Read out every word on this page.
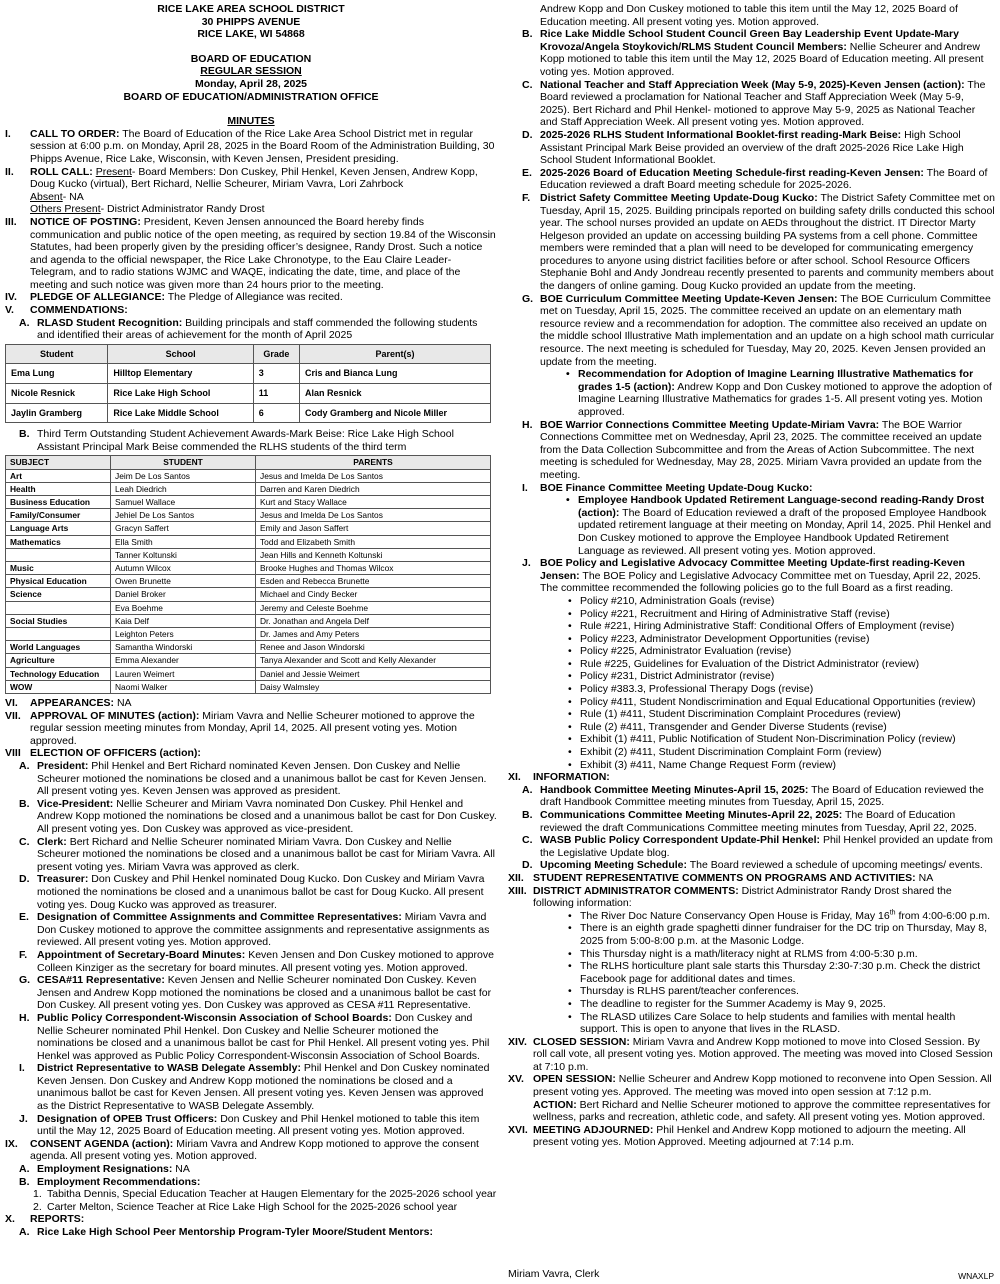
RICE LAKE AREA SCHOOL DISTRICT
30 PHIPPS AVENUE
RICE LAKE, WI 54868
BOARD OF EDUCATION
REGULAR SESSION
Monday, April 28, 2025
BOARD OF EDUCATION/ADMINISTRATION OFFICE
MINUTES
I. CALL TO ORDER: The Board of Education of the Rice Lake Area School District met in regular session at 6:00 p.m. on Monday, April 28, 2025 in the Board Room of the Administration Building, 30 Phipps Avenue, Rice Lake, Wisconsin, with Keven Jensen, President presiding.
II. ROLL CALL: Present- Board Members: Don Cuskey, Phil Henkel, Keven Jensen, Andrew Kopp, Doug Kucko (virtual), Bert Richard, Nellie Scheurer, Miriam Vavra, Lori Zahrbock
Absent- NA
Others Present- District Administrator Randy Drost
III. NOTICE OF POSTING: President, Keven Jensen announced the Board hereby finds communication and public notice of the open meeting, as required by section 19.84 of the Wisconsin Statutes, had been properly given by the presiding officer’s designee, Randy Drost. Such a notice and agenda to the official newspaper, the Rice Lake Chronotype, to the Eau Claire Leader-Telegram, and to radio stations WJMC and WAQE, indicating the date, time, and place of the meeting and such notice was given more than 24 hours prior to the meeting.
IV. PLEDGE OF ALLEGIANCE: The Pledge of Allegiance was recited.
V. COMMENDATIONS:
A. RLASD Student Recognition: Building principals and staff commended the following students and identified their areas of achievement for the month of April 2025
Student	School	Grade	Parent(s)
Ema Lung	Hilltop Elementary	3	Cris and Bianca Lung
Nicole Resnick	Rice Lake High School	11	Alan Resnick
Jaylin Gramberg	Rice Lake Middle School	6	Cody Gramberg and Nicole Miller
B. Third Term Outstanding Student Achievement Awards-Mark Beise: Rice Lake High School Assistant Principal Mark Beise commended the RLHS students of the third term
SUBJECT	STUDENT	PARENTS
Art	Jeim De Los Santos	Jesus and Imelda De Los Santos
Health	Leah Diedrich	Darren and Karen Diedrich
Business Education	Samuel Wallace	Kurt and Stacy Wallace
Family/Consumer	Jehiel De Los Santos	Jesus and Imelda De Los Santos
Language Arts	Gracyn Saffert	Emily and Jason Saffert
Mathematics	Ella Smith	Todd and Elizabeth Smith
	Tanner Koltunski	Jean Hills and Kenneth Koltunski
Music	Autumn Wilcox	Brooke Hughes and Thomas Wilcox
Physical Education	Owen Brunette	Esden and Rebecca Brunette
Science	Daniel Broker	Michael and Cindy Becker
	Eva Boehme	Jeremy and Celeste Boehme
Social Studies	Kaia Delf	Dr. Jonathan and Angela Delf
	Leighton Peters	Dr. James and Amy Peters
World Languages	Samantha Windorski	Renee and Jason Windorski
Agriculture	Emma Alexander	Tanya Alexander and Scott and Kelly Alexander
Technology Education	Lauren Weimert	Daniel and Jessie Weimert
WOW	Naomi Walker	Daisy Walmsley
VI. APPEARANCES: NA
VII. APPROVAL OF MINUTES (action): Miriam Vavra and Nellie Scheurer motioned to approve the regular session meeting minutes from Monday, April 14, 2025. All present voting yes. Motion approved.
VIII ELECTION OF OFFICERS (action):
A. President: Phil Henkel and Bert Richard nominated Keven Jensen. Don Cuskey and Nellie Scheurer motioned the nominations be closed and a unanimous ballot be cast for Keven Jensen. All present voting yes. Keven Jensen was approved as president.
B. Vice-President: Nellie Scheurer and Miriam Vavra nominated Don Cuskey. Phil Henkel and Andrew Kopp motioned the nominations be closed and a unanimous ballot be cast for Don Cuskey. All present voting yes. Don Cuskey was approved as vice-president.
C. Clerk: Bert Richard and Nellie Scheurer nominated Miriam Vavra. Don Cuskey and Nellie Scheurer motioned the nominations be closed and a unanimous ballot be cast for Miriam Vavra. All present voting yes. Miriam Vavra was approved as clerk.
D. Treasurer: Don Cuskey and Phil Henkel nominated Doug Kucko. Don Cuskey and Miriam Vavra motioned the nominations be closed and a unanimous ballot be cast for Doug Kucko. All present voting yes. Doug Kucko was approved as treasurer.
E. Designation of Committee Assignments and Committee Representatives: Miriam Vavra and Don Cuskey motioned to approve the committee assignments and representative assignments as reviewed. All present voting yes. Motion approved.
F. Appointment of Secretary-Board Minutes: Keven Jensen and Don Cuskey motioned to approve Colleen Kinziger as the secretary for board minutes. All present voting yes. Motion approved.
G. CESA#11 Representative: Keven Jensen and Nellie Scheurer nominated Don Cuskey. Keven Jensen and Andrew Kopp motioned the nominations be closed and a unanimous ballot be cast for Don Cuskey. All present voting yes. Don Cuskey was approved as CESA #11 Representative.
H. Public Policy Correspondent-Wisconsin Association of School Boards: Don Cuskey and Nellie Scheurer nominated Phil Henkel. Don Cuskey and Nellie Scheurer motioned the nominations be closed and a unanimous ballot be cast for Phil Henkel. All present voting yes. Phil Henkel was approved as Public Policy Correspondent-Wisconsin Association of School Boards.
I. District Representative to WASB Delegate Assembly: Phil Henkel and Don Cuskey nominated Keven Jensen. Don Cuskey and Andrew Kopp motioned the nominations be closed and a unanimous ballot be cast for Keven Jensen. All present voting yes. Keven Jensen was approved as the District Representative to WASB Delegate Assembly.
J. Designation of OPEB Trust Officers: Don Cuskey and Phil Henkel motioned to table this item until the May 12, 2025 Board of Education meeting. All present voting yes. Motion approved.
IX. CONSENT AGENDA (action): Miriam Vavra and Andrew Kopp motioned to approve the consent agenda. All present voting yes. Motion approved.
A. Employment Resignations: NA
B. Employment Recommendations:
1. Tabitha Dennis, Special Education Teacher at Haugen Elementary for the 2025-2026 school year
2. Carter Melton, Science Teacher at Rice Lake High School for the 2025-2026 school year
X. REPORTS:
A. Rice Lake High School Peer Mentorship Program-Tyler Moore/Student Mentors:
Andrew Kopp and Don Cuskey motioned to table this item until the May 12, 2025 Board of Education meeting. All present voting yes. Motion approved.
B. Rice Lake Middle School Student Council Green Bay Leadership Event Update-Mary Krovoza/Angela Stoykovich/RLMS Student Council Members: Nellie Scheurer and Andrew Kopp motioned to table this item until the May 12, 2025 Board of Education meeting. All present voting yes. Motion approved.
C. National Teacher and Staff Appreciation Week (May 5-9, 2025)-Keven Jensen (action): The Board reviewed a proclamation for National Teacher and Staff Appreciation Week (May 5-9, 2025). Bert Richard and Phil Henkel- motioned to approve May 5-9, 2025 as National Teacher and Staff Appreciation Week. All present voting yes. Motion approved.
D. 2025-2026 RLHS Student Informational Booklet-first reading-Mark Beise: High School Assistant Principal Mark Beise provided an overview of the draft 2025-2026 Rice Lake High School Student Informational Booklet.
E. 2025-2026 Board of Education Meeting Schedule-first reading-Keven Jensen: The Board of Education reviewed a draft Board meeting schedule for 2025-2026.
F. District Safety Committee Meeting Update-Doug Kucko: The District Safety Committee met on Tuesday, April 15, 2025. Building principals reported on building safety drills conducted this school year. The school nurses provided an update on AEDs throughout the district. IT Director Marty Helgeson provided an update on accessing building PA systems from a cell phone. Committee members were reminded that a plan will need to be developed for communicating emergency procedures to anyone using district facilities before or after school. School Resource Officers Stephanie Bohl and Andy Jondreau recently presented to parents and community members about the dangers of online gaming. Doug Kucko provided an update from the meeting.
G. BOE Curriculum Committee Meeting Update-Keven Jensen: The BOE Curriculum Committee met on Tuesday, April 15, 2025. The committee received an update on an elementary math resource review and a recommendation for adoption. The committee also received an update on the middle school Illustrative Math implementation and an update on a high school math curricular resource. The next meeting is scheduled for Tuesday, May 20, 2025. Keven Jensen provided an update from the meeting.
• Recommendation for Adoption of Imagine Learning Illustrative Mathematics for grades 1-5 (action): Andrew Kopp and Don Cuskey motioned to approve the adoption of Imagine Learning Illustrative Mathematics for grades 1-5. All present voting yes. Motion approved.
H. BOE Warrior Connections Committee Meeting Update-Miriam Vavra: The BOE Warrior Connections Committee met on Wednesday, April 23, 2025. The committee received an update from the Data Collection Subcommittee and from the Areas of Action Subcommittee. The next meeting is scheduled for Wednesday, May 28, 2025. Miriam Vavra provided an update from the meeting.
I. BOE Finance Committee Meeting Update-Doug Kucko:
• Employee Handbook Updated Retirement Language-second reading-Randy Drost (action): The Board of Education reviewed a draft of the proposed Employee Handbook updated retirement language at their meeting on Monday, April 14, 2025. Phil Henkel and Don Cuskey motioned to approve the Employee Handbook Updated Retirement Language as reviewed. All present voting yes. Motion approved.
J. BOE Policy and Legislative Advocacy Committee Meeting Update-first reading-Keven Jensen: The BOE Policy and Legislative Advocacy Committee met on Tuesday, April 22, 2025. The committee recommended the following policies go to the full Board as a first reading.
• Policy #210, Administration Goals (revise)
• Policy #221, Recruitment and Hiring of Administrative Staff (revise)
• Rule #221, Hiring Administrative Staff: Conditional Offers of Employment (revise)
• Policy #223, Administrator Development Opportunities (revise)
• Policy #225, Administrator Evaluation (revise)
• Rule #225, Guidelines for Evaluation of the District Administrator (review)
• Policy #231, District Administrator (revise)
• Policy #383.3, Professional Therapy Dogs (revise)
• Policy #411, Student Nondiscrimination and Equal Educational Opportunities (review)
• Rule (1) #411, Student Discrimination Complaint Procedures (review)
• Rule (2) #411, Transgender and Gender Diverse Students (revise)
• Exhibit (1) #411, Public Notification of Student Non-Discrimination Policy (review)
• Exhibit (2) #411, Student Discrimination Complaint Form (review)
• Exhibit (3) #411, Name Change Request Form (review)
XI. INFORMATION:
A. Handbook Committee Meeting Minutes-April 15, 2025: The Board of Education reviewed the draft Handbook Committee meeting minutes from Tuesday, April 15, 2025.
B. Communications Committee Meeting Minutes-April 22, 2025: The Board of Education reviewed the draft Communications Committee meeting minutes from Tuesday, April 22, 2025.
C. WASB Public Policy Correspondent Update-Phil Henkel: Phil Henkel provided an update from the Legislative Update blog.
D. Upcoming Meeting Schedule: The Board reviewed a schedule of upcoming meetings/ events.
XII. STUDENT REPRESENTATIVE COMMENTS ON PROGRAMS AND ACTIVITIES: NA
XIII. DISTRICT ADMINISTRATOR COMMENTS: District Administrator Randy Drost shared the following information:
• The River Doc Nature Conservancy Open House is Friday, May 16th from 4:00-6:00 p.m.
• There is an eighth grade spaghetti dinner fundraiser for the DC trip on Thursday, May 8, 2025 from 5:00-8:00 p.m. at the Masonic Lodge.
• This Thursday night is a math/literacy night at RLMS from 4:00-5:30 p.m.
• The RLHS horticulture plant sale starts this Thursday 2:30-7:30 p.m. Check the district Facebook page for additional dates and times.
• Thursday is RLHS parent/teacher conferences.
• The deadline to register for the Summer Academy is May 9, 2025.
• The RLASD utilizes Care Solace to help students and families with mental health support. This is open to anyone that lives in the RLASD.
XIV. CLOSED SESSION: Miriam Vavra and Andrew Kopp motioned to move into Closed Session. By roll call vote, all present voting yes. Motion approved. The meeting was moved into Closed Session at 7:10 p.m.
XV. OPEN SESSION: Nellie Scheurer and Andrew Kopp motioned to reconvene into Open Session. All present voting yes. Approved. The meeting was moved into open session at 7:12 p.m.
ACTION: Bert Richard and Nellie Scheurer motioned to approve the committee representatives for wellness, parks and recreation, athletic code, and safety. All present voting yes. Motion approved.
XVI. MEETING ADJOURNED: Phil Henkel and Andrew Kopp motioned to adjourn the meeting. All present voting yes. Motion Approved. Meeting adjourned at 7:14 p.m.
Miriam Vavra, Clerk	WNAXLP
